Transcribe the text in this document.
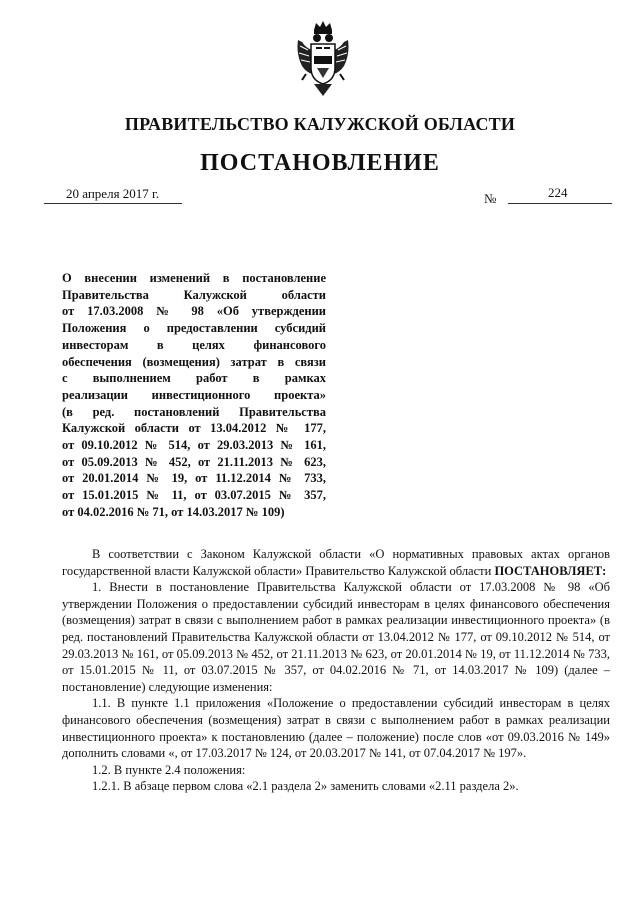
ПРАВИТЕЛЬСТВО КАЛУЖСКОЙ ОБЛАСТИ
ПОСТАНОВЛЕНИЕ
20 апреля 2017 г.	№	224

О внесении изменений в постановление

Правительства Калужской области

от 17.03.2008 № 98 «Об утверждении

Положения о предоставлении субсидий

инвесторам в целях финансового

обеспечения (возмещения) затрат в связи

с выполнением работ в рамках

реализации инвестиционного проекта»

(в ред. постановлений Правительства

Калужской области от 13.04.2012 № 177,

от 09.10.2012 № 514, от 29.03.2013 № 161,

от 05.09.2013 № 452, от 21.11.2013 № 623,

от 20.01.2014 № 19, от 11.12.2014 № 733,

от 15.01.2015 № 11, от 03.07.2015 № 357,

от 04.02.2016 № 71, от 14.03.2017 № 109)

В соответствии с Законом Калужской области «О нормативных правовых актах органов государственной власти Калужской области» Правительство Калужской области ПОСТАНОВЛЯЕТ:

1. Внести в постановление Правительства Калужской области от 17.03.2008 № 98 «Об утверждении Положения о предоставлении субсидий инвесторам в целях финансового обеспечения (возмещения) затрат в связи с выполнением работ в рамках реализации инвестиционного проекта» (в ред. постановлений Правительства Калужской области от 13.04.2012 № 177, от 09.10.2012 № 514, от 29.03.2013 № 161, от 05.09.2013 № 452, от 21.11.2013 № 623, от 20.01.2014 № 19, от 11.12.2014 № 733, от 15.01.2015 № 11, от 03.07.2015 № 357, от 04.02.2016 № 71, от 14.03.2017 № 109) (далее – постановление) следующие изменения:

1.1. В пункте 1.1 приложения «Положение о предоставлении субсидий инвесторам в целях финансового обеспечения (возмещения) затрат в связи с выполнением работ в рамках реализации инвестиционного проекта» к постановлению (далее – положение) после слов «от 09.03.2016 № 149» дополнить словами «, от 17.03.2017 № 124, от 20.03.2017 № 141, от 07.04.2017 № 197».

1.2. В пункте 2.4 положения:

1.2.1. В абзаце первом слова «2.1 раздела 2» заменить словами «2.11 раздела 2».
